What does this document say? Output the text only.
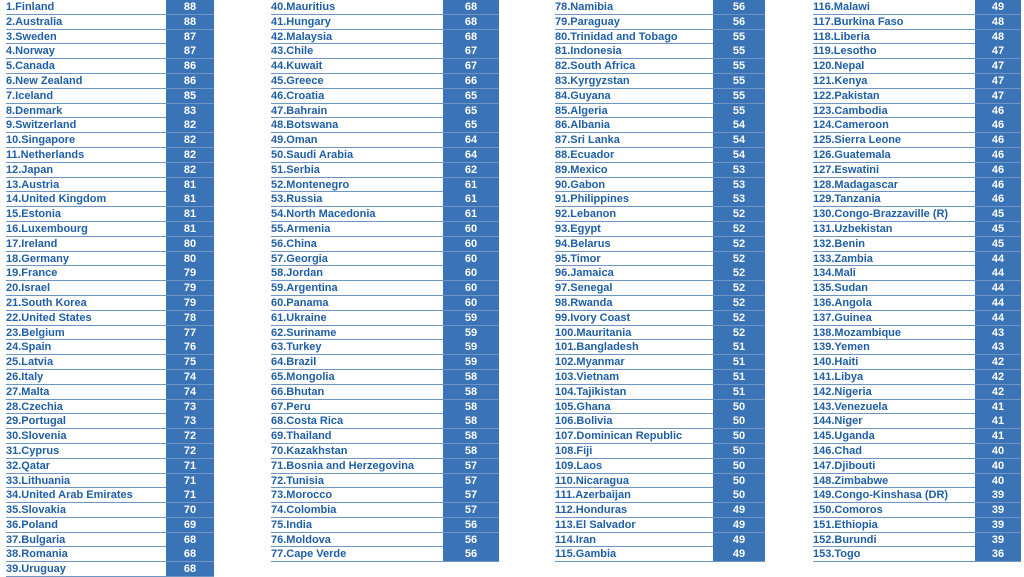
1.Finland	88
2.Australia	88
3.Sweden	87
4.Norway	87
5.Canada	86
6.New Zealand	86
7.Iceland	85
8.Denmark	83
9.Switzerland	82
10.Singapore	82
11.Netherlands	82
12.Japan	82
13.Austria	81
14.United Kingdom	81
15.Estonia	81
16.Luxembourg	81
17.Ireland	80
18.Germany	80
19.France	79
20.Israel	79
21.South Korea	79
22.United States	78
23.Belgium	77
24.Spain	76
25.Latvia	75
26.Italy	74
27.Malta	74
28.Czechia	73
29.Portugal	73
30.Slovenia	72
31.Cyprus	72
32.Qatar	71
33.Lithuania	71
34.United Arab Emirates	71
35.Slovakia	70
36.Poland	69
37.Bulgaria	68
38.Romania	68
39.Uruguay	68
40.Mauritius	68
41.Hungary	68
42.Malaysia	68
43.Chile	67
44.Kuwait	67
45.Greece	66
46.Croatia	65
47.Bahrain	65
48.Botswana	65
49.Oman	64
50.Saudi Arabia	64
51.Serbia	62
52.Montenegro	61
53.Russia	61
54.North Macedonia	61
55.Armenia	60
56.China	60
57.Georgia	60
58.Jordan	60
59.Argentina	60
60.Panama	60
61.Ukraine	59
62.Suriname	59
63.Turkey	59
64.Brazil	59
65.Mongolia	58
66.Bhutan	58
67.Peru	58
68.Costa Rica	58
69.Thailand	58
70.Kazakhstan	58
71.Bosnia and Herzegovina	57
72.Tunisia	57
73.Morocco	57
74.Colombia	57
75.India	56
76.Moldova	56
77.Cape Verde	56
78.Namibia	56
79.Paraguay	56
80.Trinidad and Tobago	55
81.Indonesia	55
82.South Africa	55
83.Kyrgyzstan	55
84.Guyana	55
85.Algeria	55
86.Albania	54
87.Sri Lanka	54
88.Ecuador	54
89.Mexico	53
90.Gabon	53
91.Philippines	53
92.Lebanon	52
93.Egypt	52
94.Belarus	52
95.Timor	52
96.Jamaica	52
97.Senegal	52
98.Rwanda	52
99.Ivory Coast	52
100.Mauritania	52
101.Bangladesh	51
102.Myanmar	51
103.Vietnam	51
104.Tajikistan	51
105.Ghana	50
106.Bolivia	50
107.Dominican Republic	50
108.Fiji	50
109.Laos	50
110.Nicaragua	50
111.Azerbaijan	50
112.Honduras	49
113.El Salvador	49
114.Iran	49
115.Gambia	49
116.Malawi	49
117.Burkina Faso	48
118.Liberia	48
119.Lesotho	47
120.Nepal	47
121.Kenya	47
122.Pakistan	47
123.Cambodia	46
124.Cameroon	46
125.Sierra Leone	46
126.Guatemala	46
127.Eswatini	46
128.Madagascar	46
129.Tanzania	46
130.Congo-Brazzaville (R)	45
131.Uzbekistan	45
132.Benin	45
133.Zambia	44
134.Mali	44
135.Sudan	44
136.Angola	44
137.Guinea	44
138.Mozambique	43
139.Yemen	43
140.Haiti	42
141.Libya	42
142.Nigeria	42
143.Venezuela	41
144.Niger	41
145.Uganda	41
146.Chad	40
147.Djibouti	40
148.Zimbabwe	40
149.Congo-Kinshasa (DR)	39
150.Comoros	39
151.Ethiopia	39
152.Burundi	39
153.Togo	36
